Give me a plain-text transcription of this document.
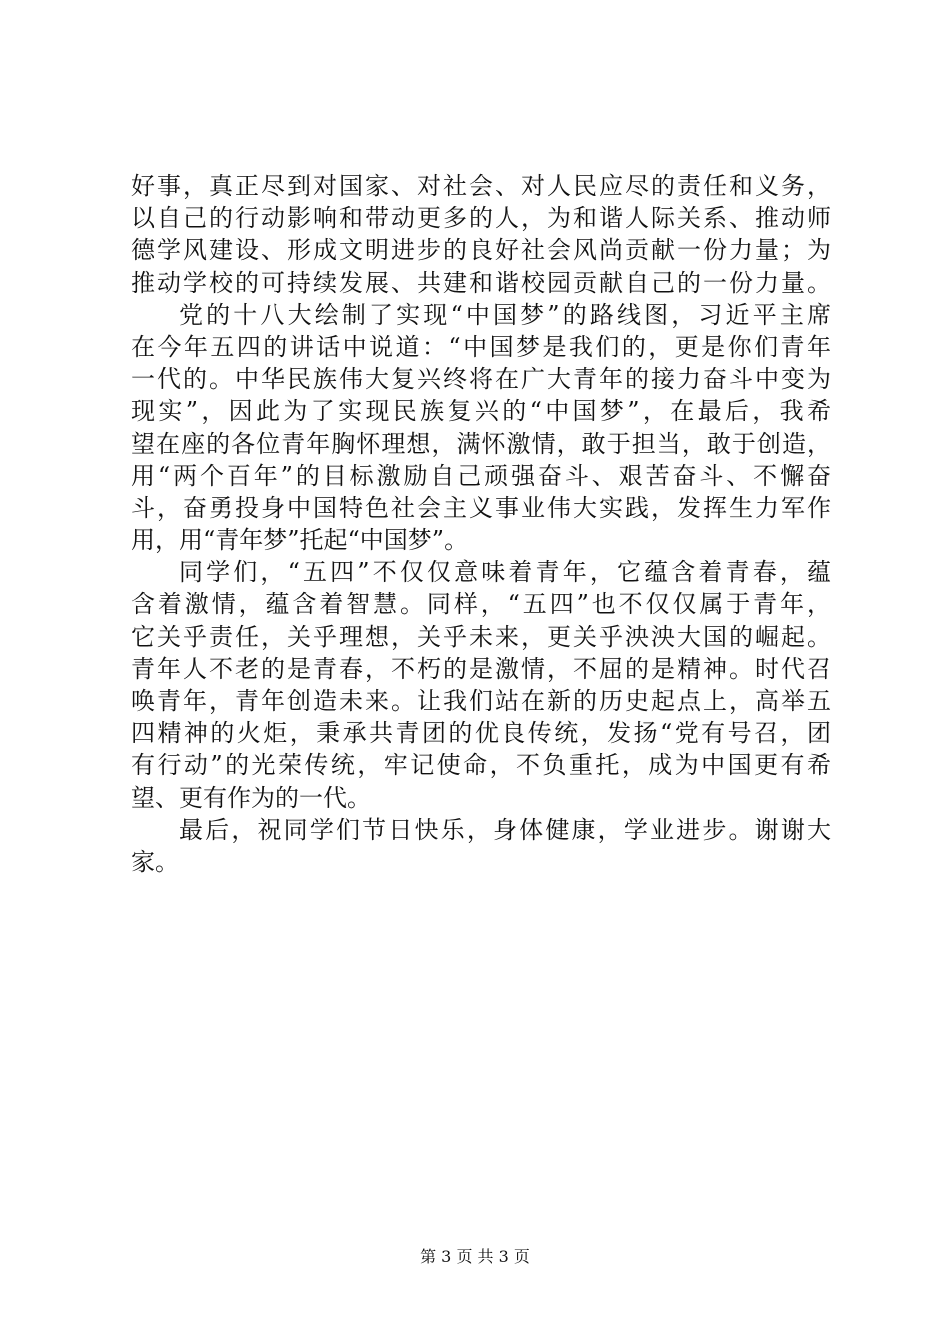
好事，真正尽到对国家、对社会、对人民应尽的责任和义务，
以自己的行动影响和带动更多的人，为和谐人际关系、推动师
德学风建设、形成文明进步的良好社会风尚贡献一份力量；为
推动学校的可持续发展、共建和谐校园贡献自己的一份力量。
党的十八大绘制了实现“中国梦”的路线图，习近平主席
在今年五四的讲话中说道：“中国梦是我们的，更是你们青年
一代的。中华民族伟大复兴终将在广大青年的接力奋斗中变为
现实”，因此为了实现民族复兴的“中国梦”，在最后，我希
望在座的各位青年胸怀理想，满怀激情，敢于担当，敢于创造，
用“两个百年”的目标激励自己顽强奋斗、艰苦奋斗、不懈奋
斗，奋勇投身中国特色社会主义事业伟大实践，发挥生力军作
用，用“青年梦”托起“中国梦”。
同学们，“五四”不仅仅意味着青年，它蕴含着青春，蕴
含着激情，蕴含着智慧。同样，“五四”也不仅仅属于青年，
它关乎责任，关乎理想，关乎未来，更关乎泱泱大国的崛起。
青年人不老的是青春，不朽的是激情，不屈的是精神。时代召
唤青年，青年创造未来。让我们站在新的历史起点上，高举五
四精神的火炬，秉承共青团的优良传统，发扬“党有号召，团
有行动”的光荣传统，牢记使命，不负重托，成为中国更有希
望、更有作为的一代。
最后，祝同学们节日快乐，身体健康，学业进步。谢谢大
家。
第 3 页 共 3 页
